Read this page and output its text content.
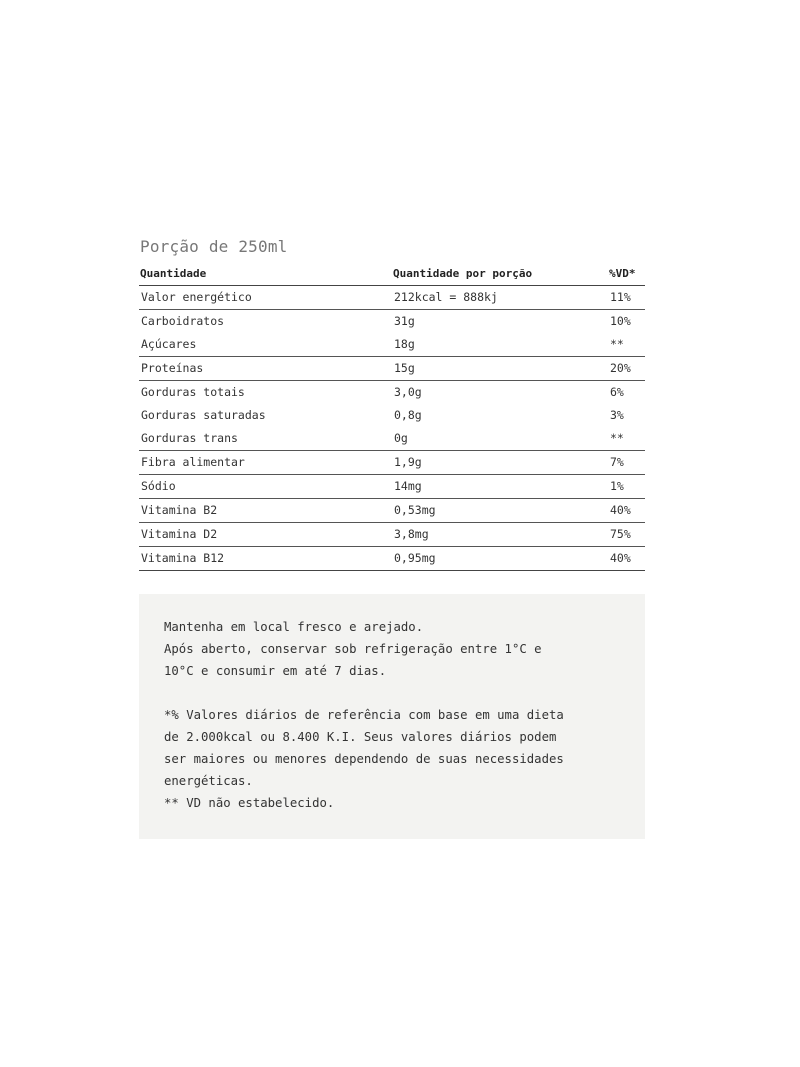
Porção de 250ml
Quantidade	Quantidade por porção	%VD*
Valor energético	212kcal = 888kj	11%
Carboidratos	31g	10%
Açúcares	18g	**
Proteínas	15g	20%
Gorduras totais	3,0g	6%
Gorduras saturadas	0,8g	3%
Gorduras trans	0g	**
Fibra alimentar	1,9g	7%
Sódio	14mg	1%
Vitamina B2	0,53mg	40%
Vitamina D2	3,8mg	75%
Vitamina B12	0,95mg	40%

Mantenha em local fresco e arejado.
Após aberto, conservar sob refrigeração entre 1°C e
10°C e consumir em até 7 dias.

*% Valores diários de referência com base em uma dieta
de 2.000kcal ou 8.400 K.I. Seus valores diários podem
ser maiores ou menores dependendo de suas necessidades
energéticas.
** VD não estabelecido.
